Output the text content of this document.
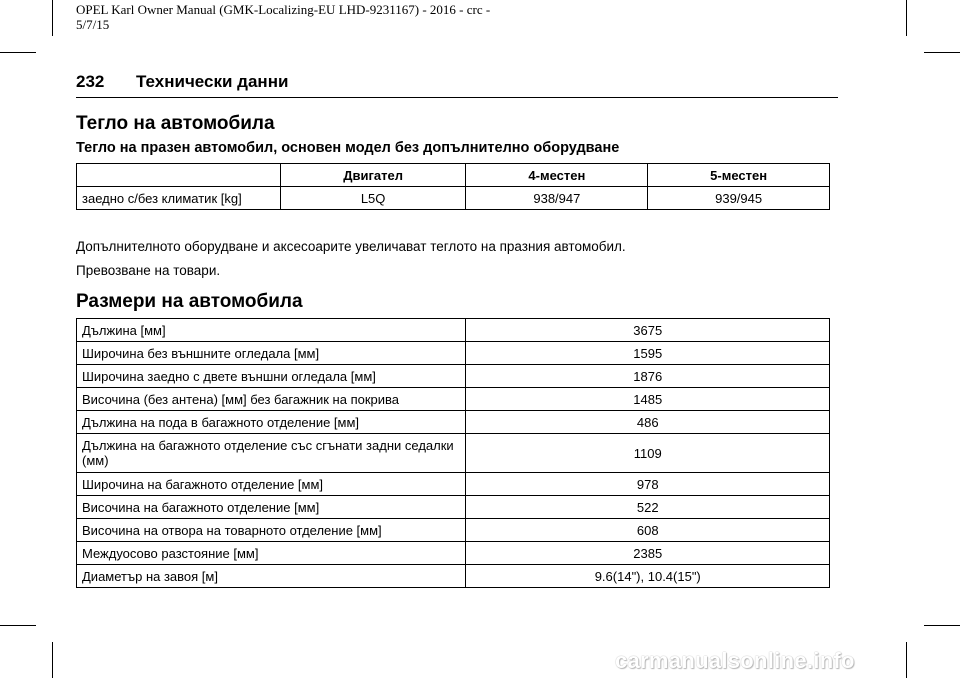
OPEL Karl Owner Manual (GMK-Localizing-EU LHD-9231167) - 2016 - crc -
5/7/15
232 Технически данни
Тегло на автомобила
Тегло на празен автомобил, основен модел без допълнително оборудване
	Двигател	4-местен	5-местен
заедно с/без климатик [kg]	L5Q	938/947	939/945
Допълнителното оборудване и аксесоарите увеличават теглото на празния автомобил.
Превозване на товари.
Размери на автомобила
Дължина [мм]	3675
Широчина без външните огледала [мм]	1595
Широчина заедно с двете външни огледала [мм]	1876
Височина (без антена) [мм] без багажник на покрива	1485
Дължина на пода в багажното отделение [мм]	486
Дължина на багажното отделение със сгънати задни седалки (мм)	1109
Широчина на багажното отделение [мм]	978
Височина на багажното отделение [мм]	522
Височина на отвора на товарното отделение [мм]	608
Междуосово разстояние [мм]	2385
Диаметър на завоя [м]	9.6(14"), 10.4(15")
carmanualsonline.info
